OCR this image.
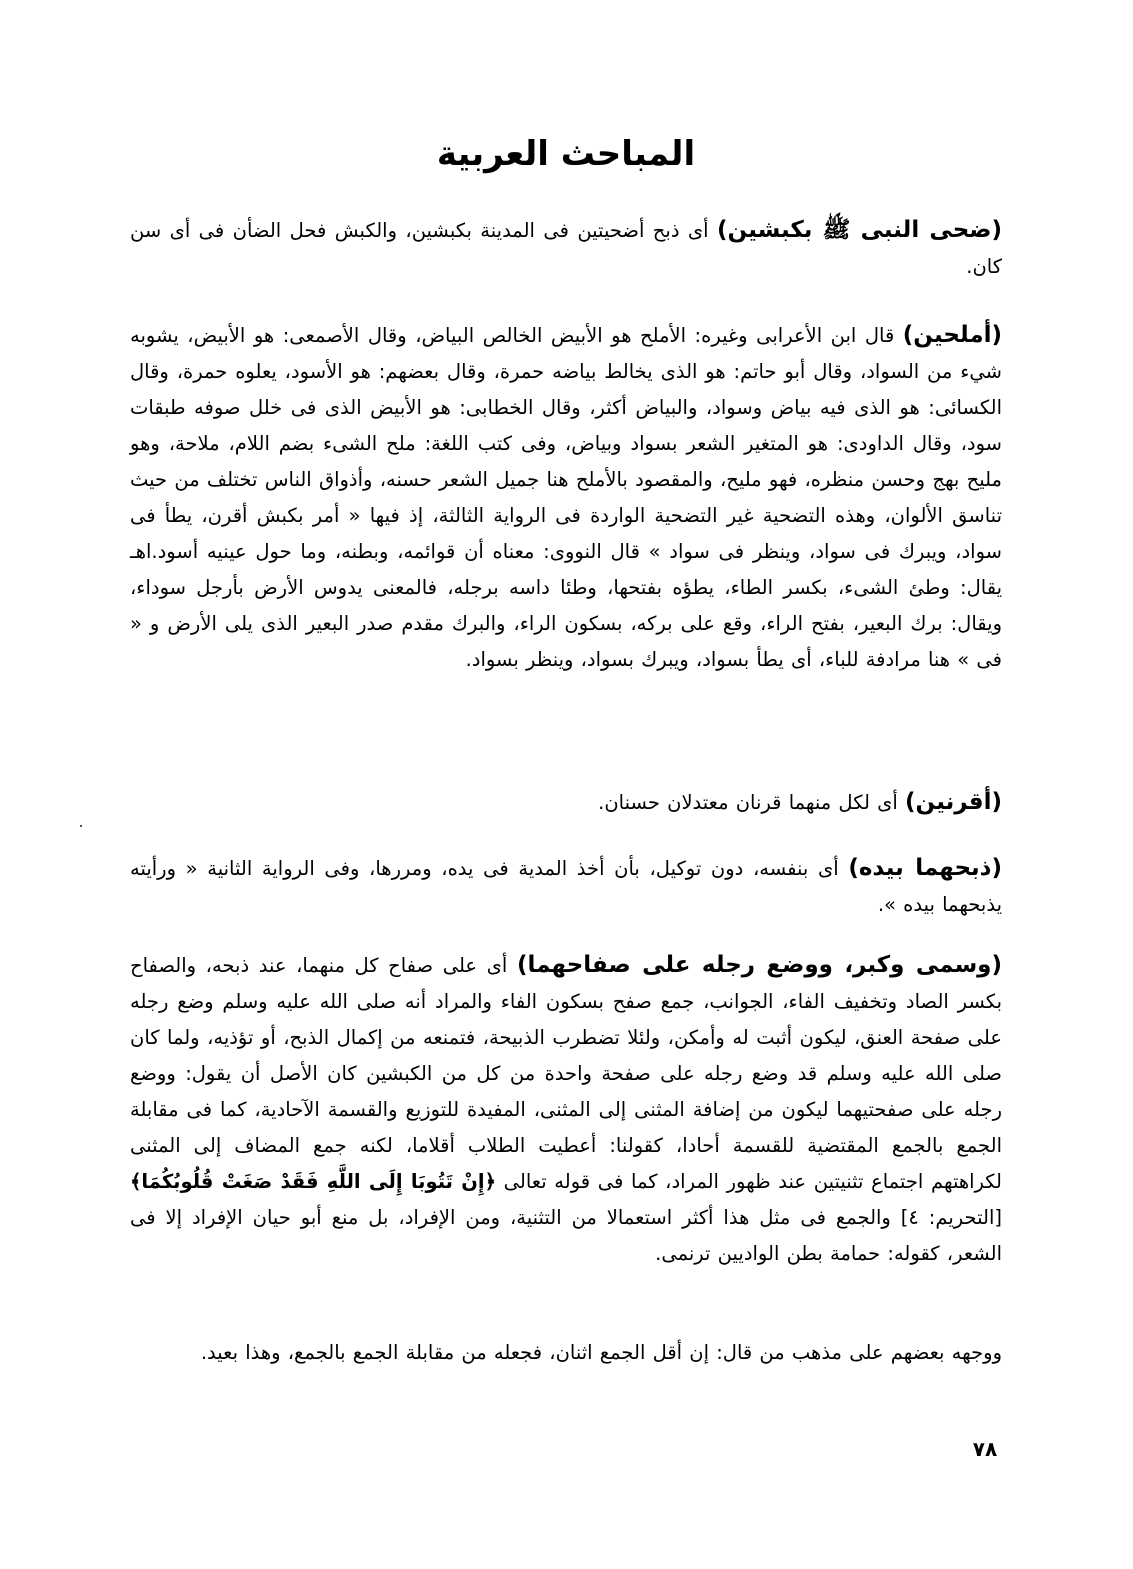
المباحث العربية

(ضحى النبى ﷺ بكبشين) أى ذبح أضحيتين فى المدينة بكبشين، والكبش فحل الضأن فى أى سن كان.

(أملحين) قال ابن الأعرابى وغيره: الأملح هو الأبيض الخالص البياض، وقال الأصمعى: هو الأبيض، يشوبه شيء من السواد، وقال أبو حاتم: هو الذى يخالط بياضه حمرة، وقال بعضهم: هو الأسود، يعلوه حمرة، وقال الكسائى: هو الذى فيه بياض وسواد، والبياض أكثر، وقال الخطابى: هو الأبيض الذى فى خلل صوفه طبقات سود، وقال الداودى: هو المتغير الشعر بسواد وبياض، وفى كتب اللغة: ملح الشىء بضم اللام، ملاحة، وهو مليح بهج وحسن منظره، فهو مليح، والمقصود بالأملح هنا جميل الشعر حسنه، وأذواق الناس تختلف من حيث تناسق الألوان، وهذه التضحية غير التضحية الواردة فى الرواية الثالثة، إذ فيها « أمر بكبش أقرن، يطأ فى سواد، ويبرك فى سواد، وينظر فى سواد » قال النووى: معناه أن قوائمه، وبطنه، وما حول عينيه أسود.اهـ يقال: وطئ الشىء، بكسر الطاء، يطؤه بفتحها، وطئا داسه برجله، فالمعنى يدوس الأرض بأرجل سوداء، ويقال: برك البعير، بفتح الراء، وقع على بركه، بسكون الراء، والبرك مقدم صدر البعير الذى يلى الأرض و « فى » هنا مرادفة للباء، أى يطأ بسواد، ويبرك بسواد، وينظر بسواد.

(أقرنين) أى لكل منهما قرنان معتدلان حسنان.

(ذبحهما بيده) أى بنفسه، دون توكيل، بأن أخذ المدية فى يده، ومررها، وفى الرواية الثانية « ورأيته يذبحهما بيده ».

(وسمى وكبر، ووضع رجله على صفاحهما) أى على صفاح كل منهما، عند ذبحه، والصفاح بكسر الصاد وتخفيف الفاء، الجوانب، جمع صفح بسكون الفاء والمراد أنه صلى الله عليه وسلم وضع رجله على صفحة العنق، ليكون أثبت له وأمكن، ولئلا تضطرب الذبيحة، فتمنعه من إكمال الذبح، أو تؤذيه، ولما كان صلى الله عليه وسلم قد وضع رجله على صفحة واحدة من كل من الكبشين كان الأصل أن يقول: ووضع رجله على صفحتيهما ليكون من إضافة المثنى إلى المثنى، المفيدة للتوزيع والقسمة الآحادية، كما فى مقابلة الجمع بالجمع المقتضية للقسمة أحادا، كقولنا: أعطيت الطلاب أقلاما، لكنه جمع المضاف إلى المثنى لكراهتهم اجتماع تثنيتين عند ظهور المراد، كما فى قوله تعالى ﴿إِنْ تَتُوبَا إِلَى اللَّهِ فَقَدْ صَغَتْ قُلُوبُكُمَا﴾ [التحريم: ٤] والجمع فى مثل هذا أكثر استعمالا من التثنية، ومن الإفراد، بل منع أبو حيان الإفراد إلا فى الشعر، كقوله: حمامة بطن الواديين ترنمى.

ووجهه بعضهم على مذهب من قال: إن أقل الجمع اثنان، فجعله من مقابلة الجمع بالجمع، وهذا بعيد.

٧٨
